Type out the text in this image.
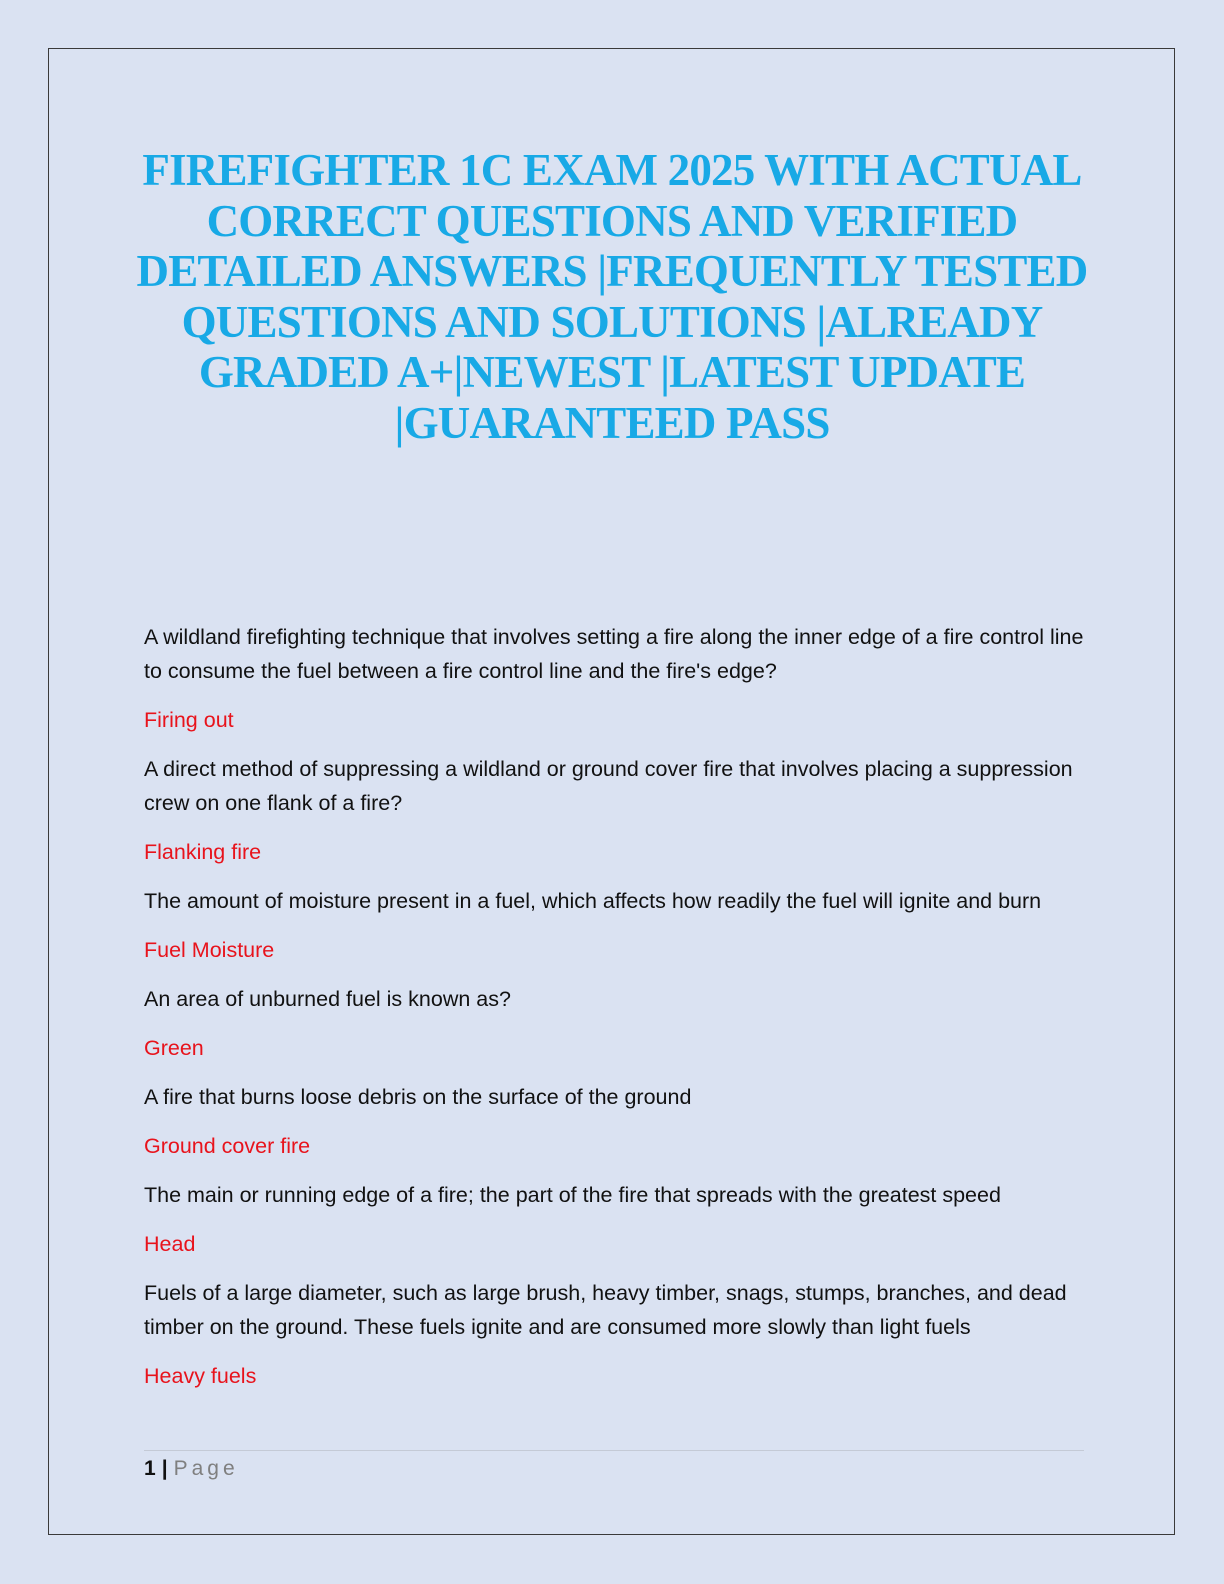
FIREFIGHTER 1C EXAM 2025 WITH ACTUAL
CORRECT QUESTIONS AND VERIFIED
DETAILED ANSWERS |FREQUENTLY TESTED
QUESTIONS AND SOLUTIONS |ALREADY
GRADED A+|NEWEST |LATEST UPDATE
|GUARANTEED PASS

A wildland firefighting technique that involves setting a fire along the inner edge of a fire control line to consume the fuel between a fire control line and the fire's edge?

Firing out

A direct method of suppressing a wildland or ground cover fire that involves placing a suppression crew on one flank of a fire?

Flanking fire

The amount of moisture present in a fuel, which affects how readily the fuel will ignite and burn

Fuel Moisture

An area of unburned fuel is known as?

Green

A fire that burns loose debris on the surface of the ground

Ground cover fire

The main or running edge of a fire; the part of the fire that spreads with the greatest speed

Head

Fuels of a large diameter, such as large brush, heavy timber, snags, stumps, branches, and dead timber on the ground. These fuels ignite and are consumed more slowly than light fuels

Heavy fuels

1 | Page
